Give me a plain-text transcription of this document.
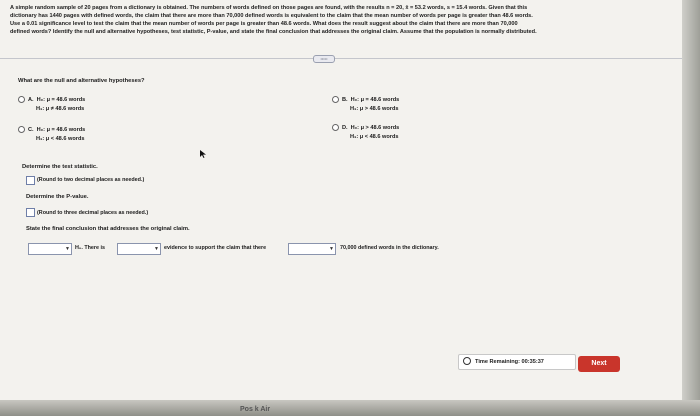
A simple random sample of 20 pages from a dictionary is obtained. The numbers of words defined on those pages are found, with the results n = 20, x̄ = 53.2 words, s = 15.4 words. Given that this
dictionary has 1440 pages with defined words, the claim that there are more than 70,000 defined words is equivalent to the claim that the mean number of words per page is greater than 48.6 words.
Use a 0.01 significance level to test the claim that the mean number of words per page is greater than 48.6 words. What does the result suggest about the claim that there are more than 70,000
defined words? Identify the null and alternative hypotheses, test statistic, P-value, and state the final conclusion that addresses the original claim. Assume that the population is normally distributed.
•••••
What are the null and alternative hypotheses?
A. H₀: μ = 48.6 words
H₁: μ ≠ 48.6 words
B. H₀: μ = 48.6 words
H₁: μ > 48.6 words
C. H₀: μ = 48.6 words
H₁: μ < 48.6 words
D. H₀: μ > 48.6 words
H₁: μ < 48.6 words
Determine the test statistic.
(Round to two decimal places as needed.)
Determine the P-value.
(Round to three decimal places as needed.)
State the final conclusion that addresses the original claim.
▼ H₀. There is	▼ evidence to support the claim that there	▼ 70,000 defined words in the dictionary.
Time Remaining: 00:35:37	Next
Pos k Air
